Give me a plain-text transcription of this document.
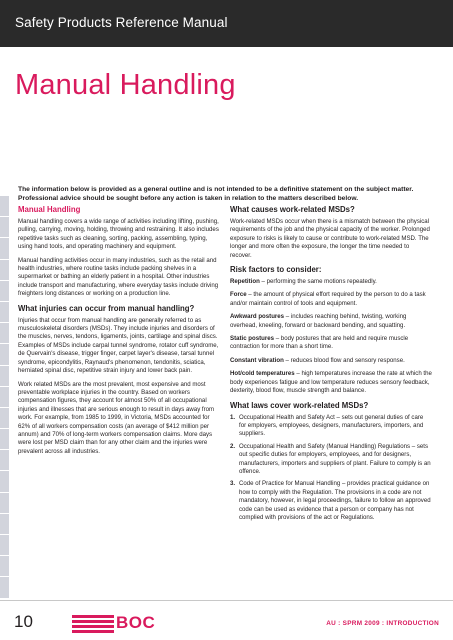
Safety Products Reference Manual
Manual Handling

The information below is provided as a general outline and is not intended to be a definitive statement on the subject matter. Professional advice should be sought before any action is taken in relation to the matters described below.

Manual Handling

Manual handling covers a wide range of activities including lifting, pushing, pulling, carrying, moving, holding, throwing and restraining. It also includes repetitive tasks such as cleaning, sorting, packing, assembling, typing, using hand tools, and operating machinery and equipment.

Manual handling activities occur in many industries, such as the retail and health industries, where routine tasks include packing shelves in a supermarket or bathing an elderly patient in a hospital. Other industries include transport and manufacturing, where everyday tasks include driving freighters long distances or working on a production line.

What injuries can occur from manual handling?

Injuries that occur from manual handling are generally referred to as musculoskeletal disorders (MSDs). They include injuries and disorders of the muscles, nerves, tendons, ligaments, joints, cartilage and spinal discs. Examples of MSDs include carpal tunnel syndrome, rotator cuff syndrome, de Quervain's disease, trigger finger, carpet layer's disease, tarsal tunnel syndrome, epicondylitis, Raynaud's phenomenon, tendonitis, sciatica, herniated spinal disc, repetitive strain injury and lower back pain.

Work related MSDs are the most prevalent, most expensive and most preventable workplace injuries in the country. Based on workers compensation figures, they account for almost 50% of all occupational injuries and illnesses that are serious enough to result in days away from work. For example, from 1985 to 1999, in Victoria, MSDs accounted for 62% of all workers compensation costs (an average of $412 million per annum) and 70% of long-term workers compensation claims. More days were lost per MSD claim than for any other claim and the injuries were prevalent across all industries.

What causes work-related MSDs?

Work-related MSDs occur when there is a mismatch between the physical requirements of the job and the physical capacity of the worker. Prolonged exposure to risks is likely to cause or contribute to work-related MSD. The longer and more often the exposure, the longer the time needed to recover.

Risk factors to consider:

Repetition – performing the same motions repeatedly.

Force – the amount of physical effort required by the person to do a task and/or maintain control of tools and equipment.

Awkward postures – includes reaching behind, twisting, working overhead, kneeling, forward or backward bending, and squatting.

Static postures – body postures that are held and require muscle contraction for more than a short time.

Constant vibration – reduces blood flow and sensory response.

Hot/cold temperatures – high temperatures increase the rate at which the body experiences fatigue and low temperature reduces sensory feedback, dexterity, blood flow, muscle strength and balance.

What laws cover work-related MSDs?
1. Occupational Health and Safety Act – sets out general duties of care for employers, employees, designers, manufacturers, importers, and suppliers.
2. Occupational Health and Safety (Manual Handling) Regulations – sets out specific duties for employers, employees, and for designers, manufacturers, importers and suppliers of plant. Failure to comply is an offence.
3. Code of Practice for Manual Handling – provides practical guidance on how to comply with the Regulation. The provisions in a code are not mandatory, however, in legal proceedings, failure to follow an approved code can be used as evidence that a person or company has not complied with provisions of the act or Regulations.
10	BOC	AU : SPRM 2009 : INTRODUCTION
